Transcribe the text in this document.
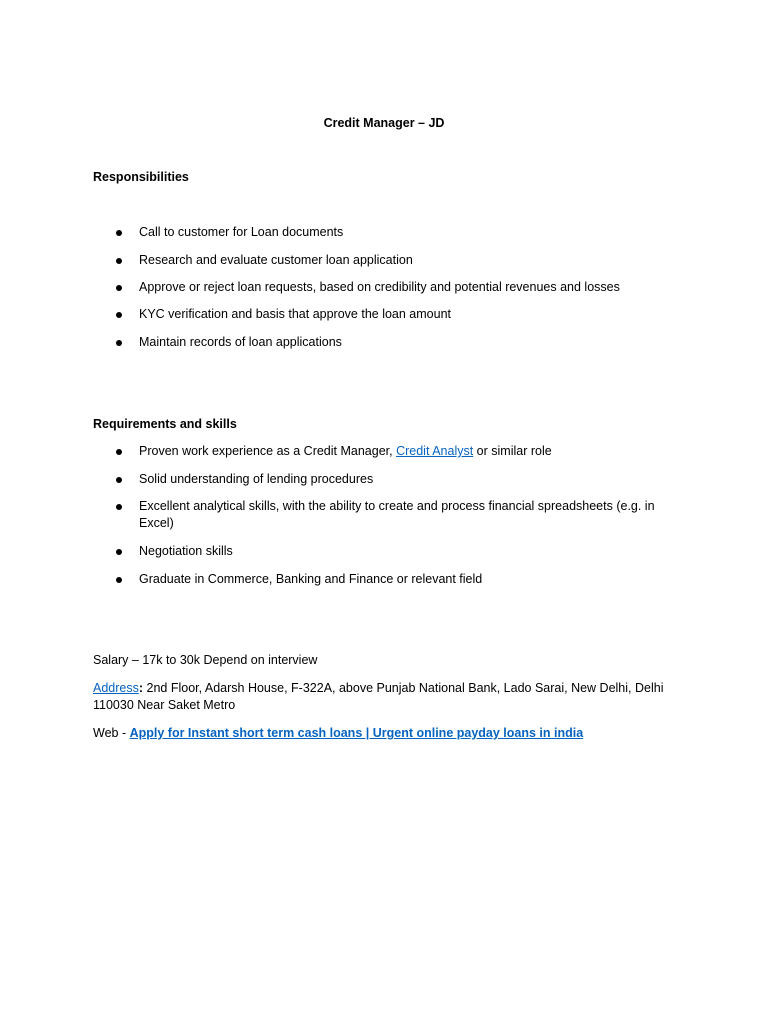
Credit Manager – JD
Responsibilities
Call to customer for Loan documents
Research and evaluate customer loan application
Approve or reject loan requests, based on credibility and potential revenues and losses
KYC verification and basis that approve the loan amount
Maintain records of loan applications
Requirements and skills
Proven work experience as a Credit Manager, Credit Analyst or similar role
Solid understanding of lending procedures
Excellent analytical skills, with the ability to create and process financial spreadsheets (e.g. in Excel)
Negotiation skills
Graduate in Commerce, Banking and Finance or relevant field
Salary – 17k to 30k Depend on interview
Address: 2nd Floor, Adarsh House, F-322A, above Punjab National Bank, Lado Sarai, New Delhi, Delhi 110030 Near Saket Metro
Web - Apply for Instant short term cash loans | Urgent online payday loans in india
